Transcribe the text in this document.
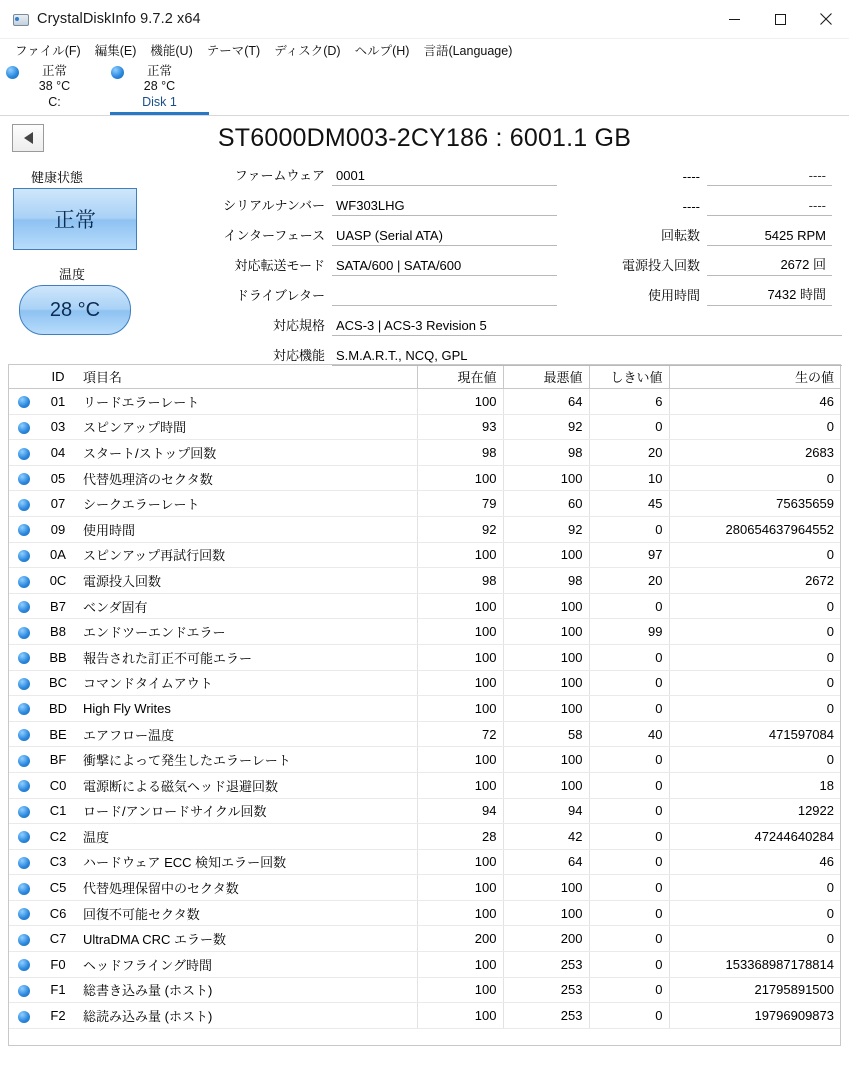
CrystalDiskInfo 9.7.2 x64
ファイル(F)	編集(E)	機能(U)	テーマ(T)	ディスク(D)	ヘルプ(H)	言語(Language)
正常
38 °C
C:
正常
28 °C
Disk 1
ST6000DM003-2CY186 : 6001.1 GB
健康状態
正常
温度
28 °C
ファームウェア 0001
シリアルナンバー WF303LHG
インターフェース UASP (Serial ATA)
対応転送モード SATA/600 | SATA/600
ドライブレター
対応規格 ACS-3 | ACS-3 Revision 5
対応機能 S.M.A.R.T., NCQ, GPL
----	----
----	----
回転数	5425 RPM
電源投入回数	2672 回
使用時間	7432 時間
	ID	項目名	現在値	最悪値	しきい値	生の値
	01	リードエラーレート	100	64	6	46
	03	スピンアップ時間	93	92	0	0
	04	スタート/ストップ回数	98	98	20	2683
	05	代替処理済のセクタ数	100	100	10	0
	07	シークエラーレート	79	60	45	75635659
	09	使用時間	92	92	0	280654637964552
	0A	スピンアップ再試行回数	100	100	97	0
	0C	電源投入回数	98	98	20	2672
	B7	ベンダ固有	100	100	0	0
	B8	エンドツーエンドエラー	100	100	99	0
	BB	報告された訂正不可能エラー	100	100	0	0
	BC	コマンドタイムアウト	100	100	0	0
	BD	High Fly Writes	100	100	0	0
	BE	エアフロー温度	72	58	40	471597084
	BF	衝撃によって発生したエラーレート	100	100	0	0
	C0	電源断による磁気ヘッド退避回数	100	100	0	18
	C1	ロード/アンロードサイクル回数	94	94	0	12922
	C2	温度	28	42	0	47244640284
	C3	ハードウェア ECC 検知エラー回数	100	64	0	46
	C5	代替処理保留中のセクタ数	100	100	0	0
	C6	回復不可能セクタ数	100	100	0	0
	C7	UltraDMA CRC エラー数	200	200	0	0
	F0	ヘッドフライング時間	100	253	0	153368987178814
	F1	総書き込み量 (ホスト)	100	253	0	21795891500
	F2	総読み込み量 (ホスト)	100	253	0	19796909873
